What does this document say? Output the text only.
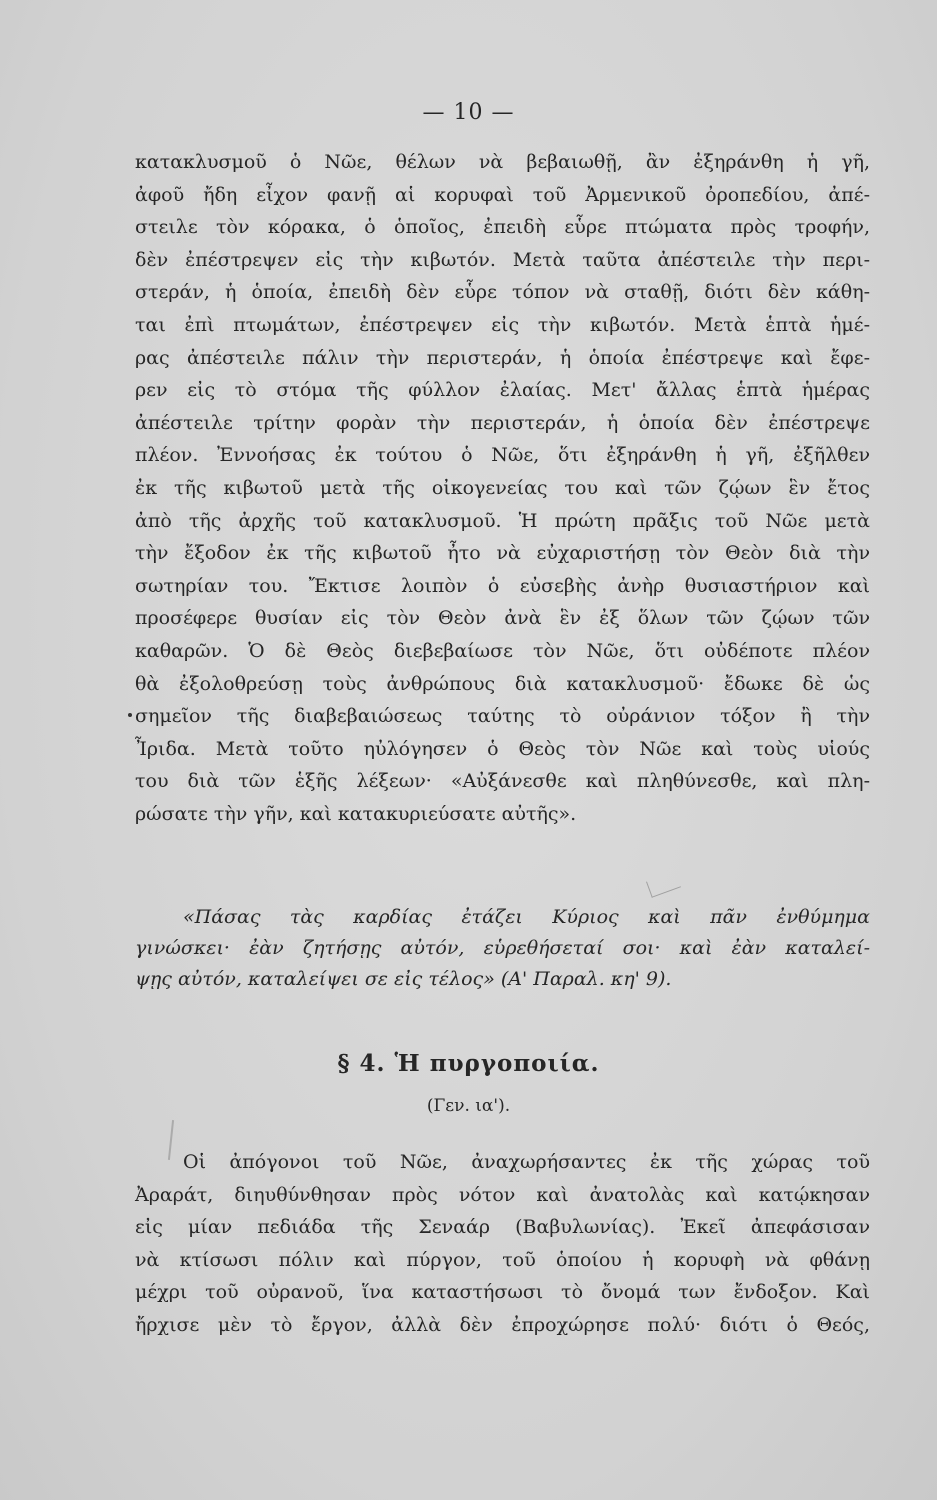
— 10 —
κατακλυσμοῦ ὁ Νῶε, θέλων νὰ βεβαιωθῇ, ἂν ἐξηράνθη ἡ γῆ,
ἀφοῦ ἤδη εἶχον φανῇ αἱ κορυφαὶ τοῦ Ἀρμενικοῦ ὀροπεδίου, ἀπέ-
στειλε τὸν κόρακα, ὁ ὁποῖος, ἐπειδὴ εὗρε πτώματα πρὸς τροφήν,
δὲν ἐπέστρεψεν εἰς τὴν κιβωτόν. Μετὰ ταῦτα ἀπέστειλε τὴν περι-
στεράν, ἡ ὁποία, ἐπειδὴ δὲν εὗρε τόπον νὰ σταθῇ, διότι δὲν κάθη-
ται ἐπὶ πτωμάτων, ἐπέστρεψεν εἰς τὴν κιβωτόν. Μετὰ ἑπτὰ ἡμέ-
ρας ἀπέστειλε πάλιν τὴν περιστεράν, ἡ ὁποία ἐπέστρεψε καὶ ἔφε-
ρεν εἰς τὸ στόμα τῆς φύλλον ἐλαίας. Μετ' ἄλλας ἑπτὰ ἡμέρας
ἀπέστειλε τρίτην φορὰν τὴν περιστεράν, ἡ ὁποία δὲν ἐπέστρεψε
πλέον. Ἐννοήσας ἐκ τούτου ὁ Νῶε, ὅτι ἐξηράνθη ἡ γῆ, ἐξῆλθεν
ἐκ τῆς κιβωτοῦ μετὰ τῆς οἰκογενείας του καὶ τῶν ζῴων ἓν ἔτος
ἀπὸ τῆς ἀρχῆς τοῦ κατακλυσμοῦ. Ἡ πρώτη πρᾶξις τοῦ Νῶε μετὰ
τὴν ἔξοδον ἐκ τῆς κιβωτοῦ ἦτο νὰ εὐχαριστήσῃ τὸν Θεὸν διὰ τὴν
σωτηρίαν του. Ἔκτισε λοιπὸν ὁ εὐσεβὴς ἀνὴρ θυσιαστήριον καὶ
προσέφερε θυσίαν εἰς τὸν Θεὸν ἀνὰ ἓν ἐξ ὅλων τῶν ζῴων τῶν
καθαρῶν. Ὁ δὲ Θεὸς διεβεβαίωσε τὸν Νῶε, ὅτι οὐδέποτε πλέον
θὰ ἐξολοθρεύσῃ τοὺς ἀνθρώπους διὰ κατακλυσμοῦ· ἔδωκε δὲ ὡς
σημεῖον τῆς διαβεβαιώσεως ταύτης τὸ οὐράνιον τόξον ἢ τὴν
Ἶριδα. Μετὰ τοῦτο ηὐλόγησεν ὁ Θεὸς τὸν Νῶε καὶ τοὺς υἱούς
του διὰ τῶν ἑξῆς λέξεων· «Αὐξάνεσθε καὶ πληθύνεσθε, καὶ πλη-
ρώσατε τὴν γῆν, καὶ κατακυριεύσατε αὐτῆς».
«Πάσας τὰς καρδίας ἐτάζει Κύριος καὶ πᾶν ἐνθύμημα
γινώσκει· ἐὰν ζητήσῃς αὐτόν, εὑρεθήσεταί σοι· καὶ ἐὰν καταλεί-
ψῃς αὐτόν, καταλείψει σε εἰς τέλος» (Α' Παραλ. κη' 9).
§ 4. Ἡ πυργοποιία.
(Γεν. ια').
Οἱ ἀπόγονοι τοῦ Νῶε, ἀναχωρήσαντες ἐκ τῆς χώρας τοῦ
Ἀραράτ, διηυθύνθησαν πρὸς νότον καὶ ἀνατολὰς καὶ κατῴκησαν
εἰς μίαν πεδιάδα τῆς Σεναάρ (Βαβυλωνίας). Ἐκεῖ ἀπεφάσισαν
νὰ κτίσωσι πόλιν καὶ πύργον, τοῦ ὁποίου ἡ κορυφὴ νὰ φθάνῃ
μέχρι τοῦ οὐρανοῦ, ἵνα καταστήσωσι τὸ ὄνομά των ἔνδοξον. Καὶ
ἤρχισε μὲν τὸ ἔργον, ἀλλὰ δὲν ἐπροχώρησε πολύ· διότι ὁ Θεός,
